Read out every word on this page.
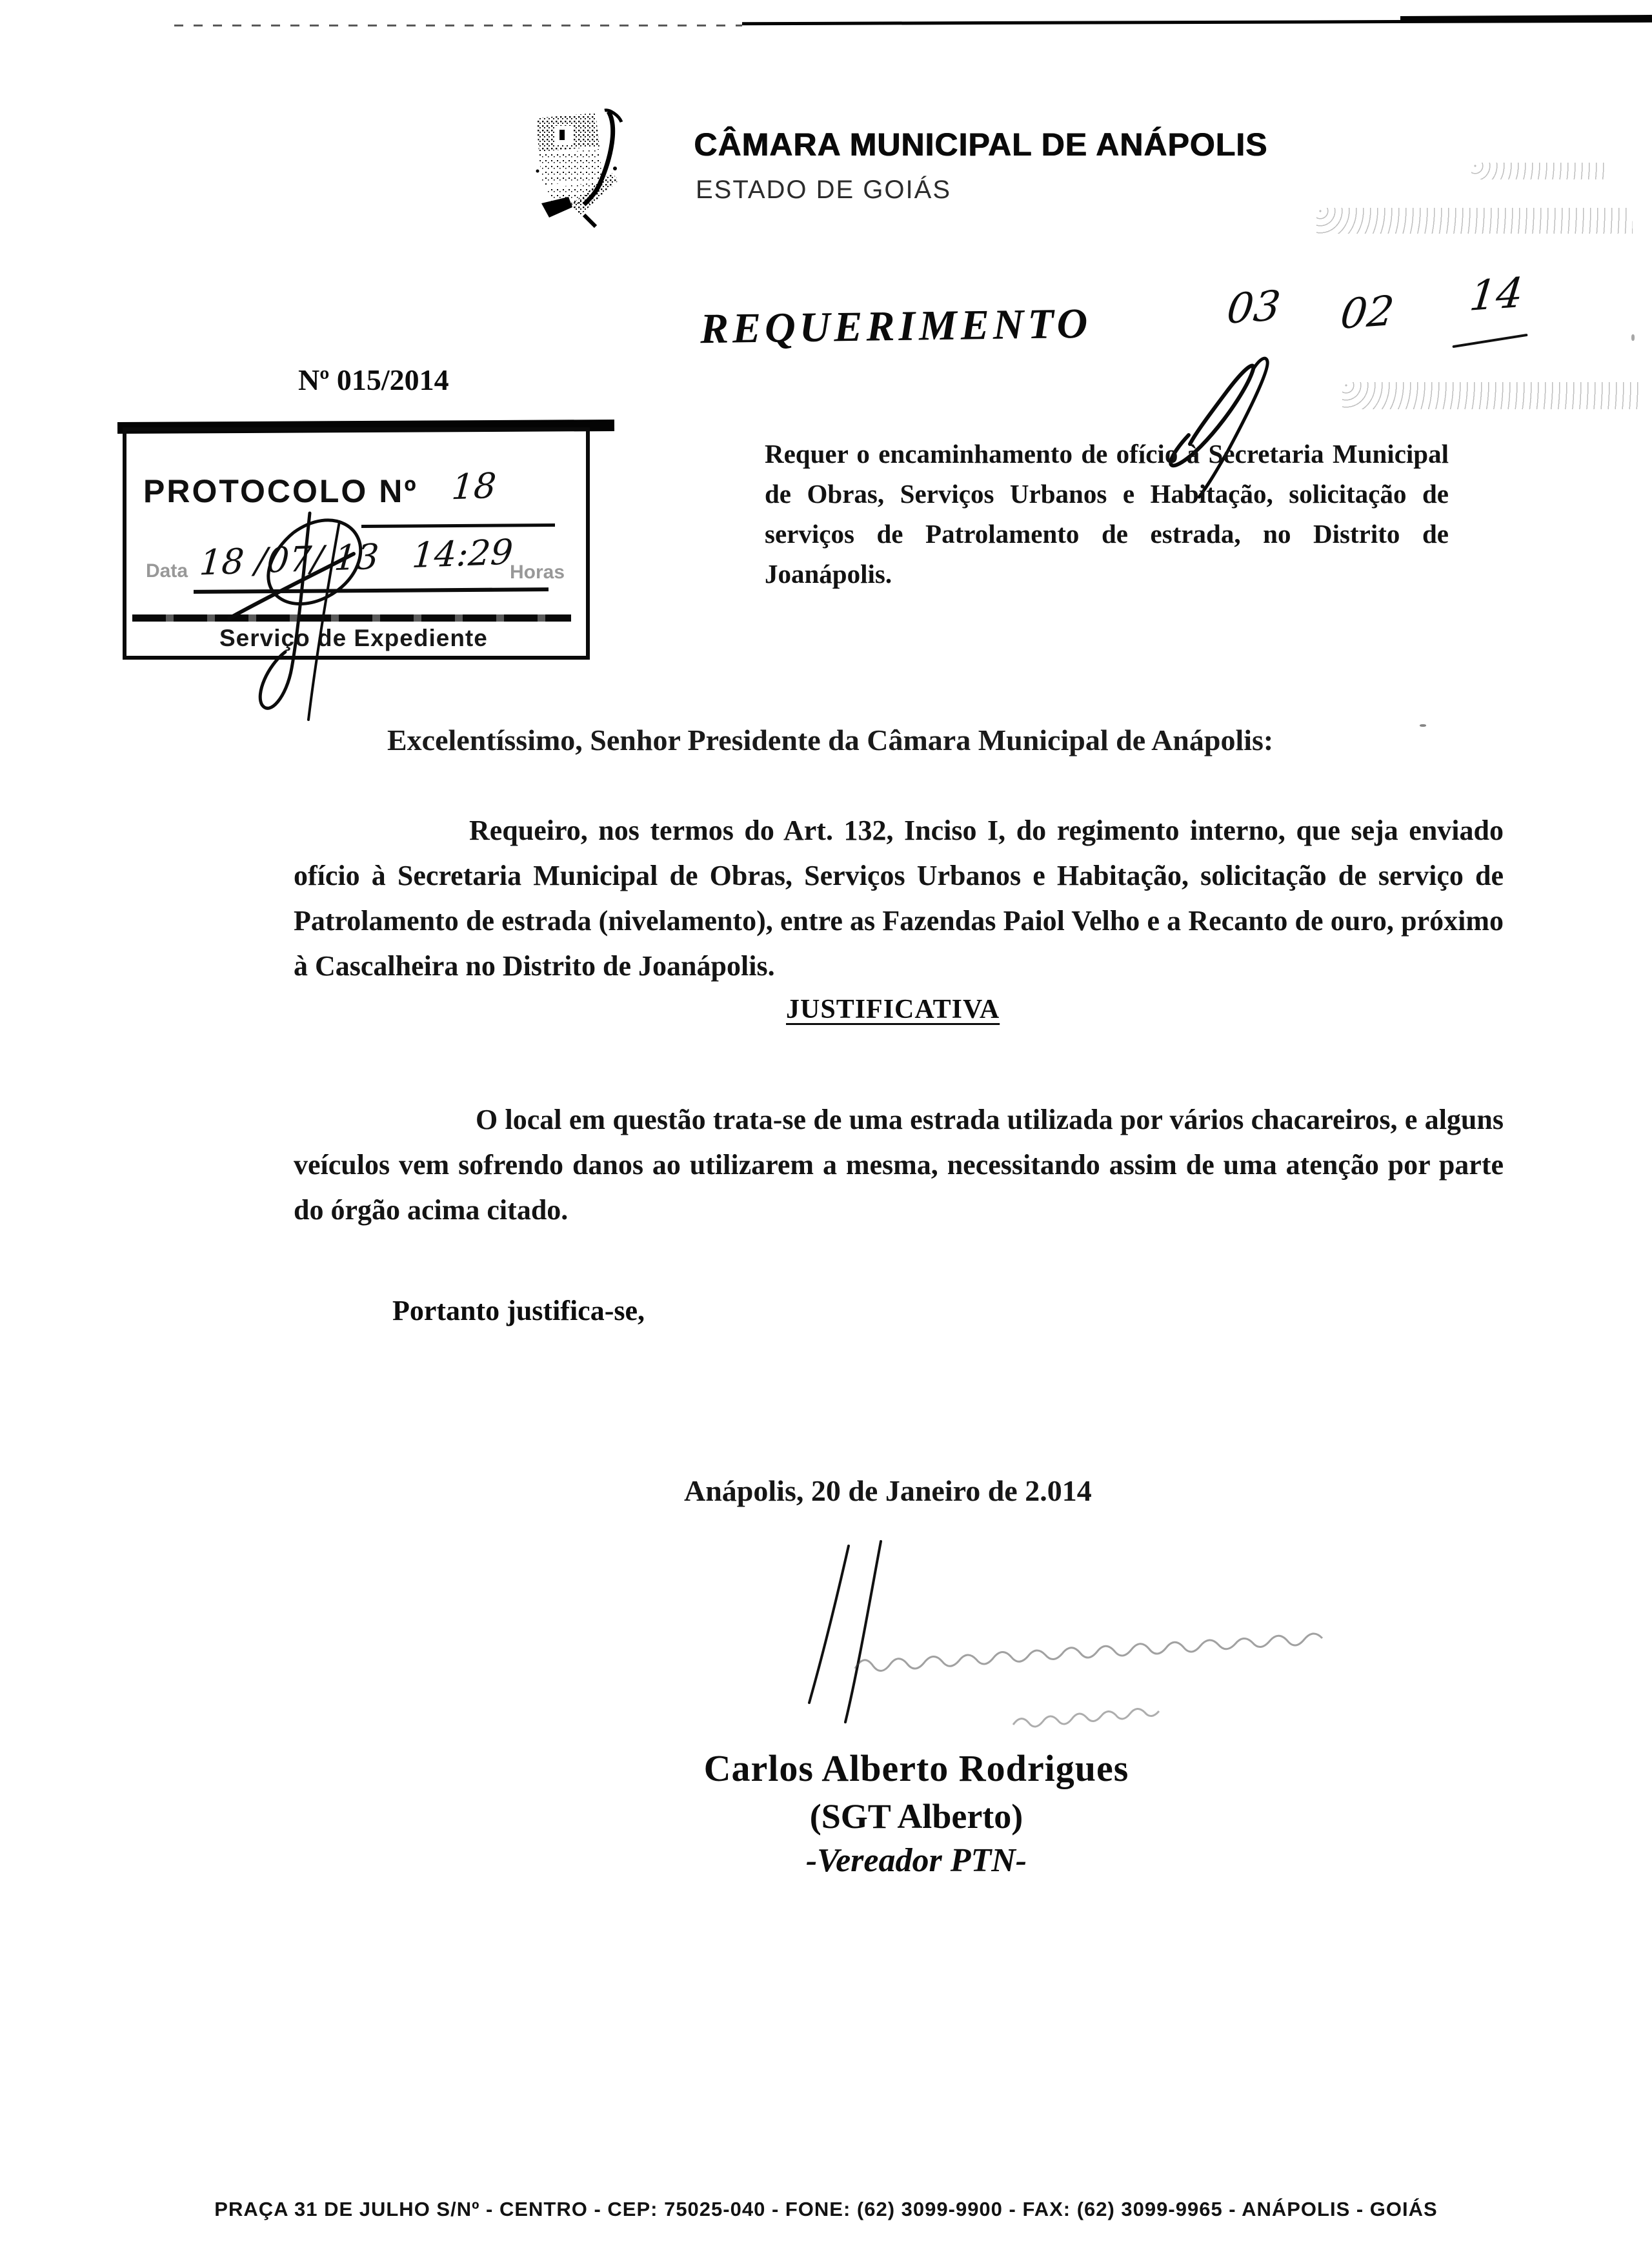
CÂMARA MUNICIPAL DE ANÁPOLIS
ESTADO DE GOIÁS
REQUERIMENTO	03 02 14
Nº 015/2014
PROTOCOLO Nº 18
Data 18 /07/ 13   14:29
Horas
Serviço de Expediente
Requer o encaminhamento de ofício à Secretaria Municipal de Obras, Serviços Urbanos e Habitação, solicitação de serviços de Patrolamento de estrada, no Distrito de Joanápolis.
Excelentíssimo, Senhor Presidente da Câmara Municipal de Anápolis:
Requeiro, nos termos do Art. 132, Inciso I, do regimento interno, que seja enviado ofício à Secretaria Municipal de Obras, Serviços Urbanos e Habitação, solicitação de serviço de Patrolamento de estrada (nivelamento), entre as Fazendas Paiol Velho e a Recanto de ouro, próximo à Cascalheira no Distrito de Joanápolis.
JUSTIFICATIVA
O local em questão trata-se de uma estrada utilizada por vários chacareiros, e alguns veículos vem sofrendo danos ao utilizarem a mesma, necessitando assim de uma atenção por parte do órgão acima citado.
Portanto justifica-se,
Anápolis, 20 de Janeiro de 2.014
Carlos Alberto Rodrigues
(SGT Alberto)
-Vereador PTN-
PRAÇA 31 DE JULHO S/Nº - CENTRO - CEP: 75025-040 - FONE: (62) 3099-9900 - FAX: (62) 3099-9965 - ANÁPOLIS - GOIÁS
